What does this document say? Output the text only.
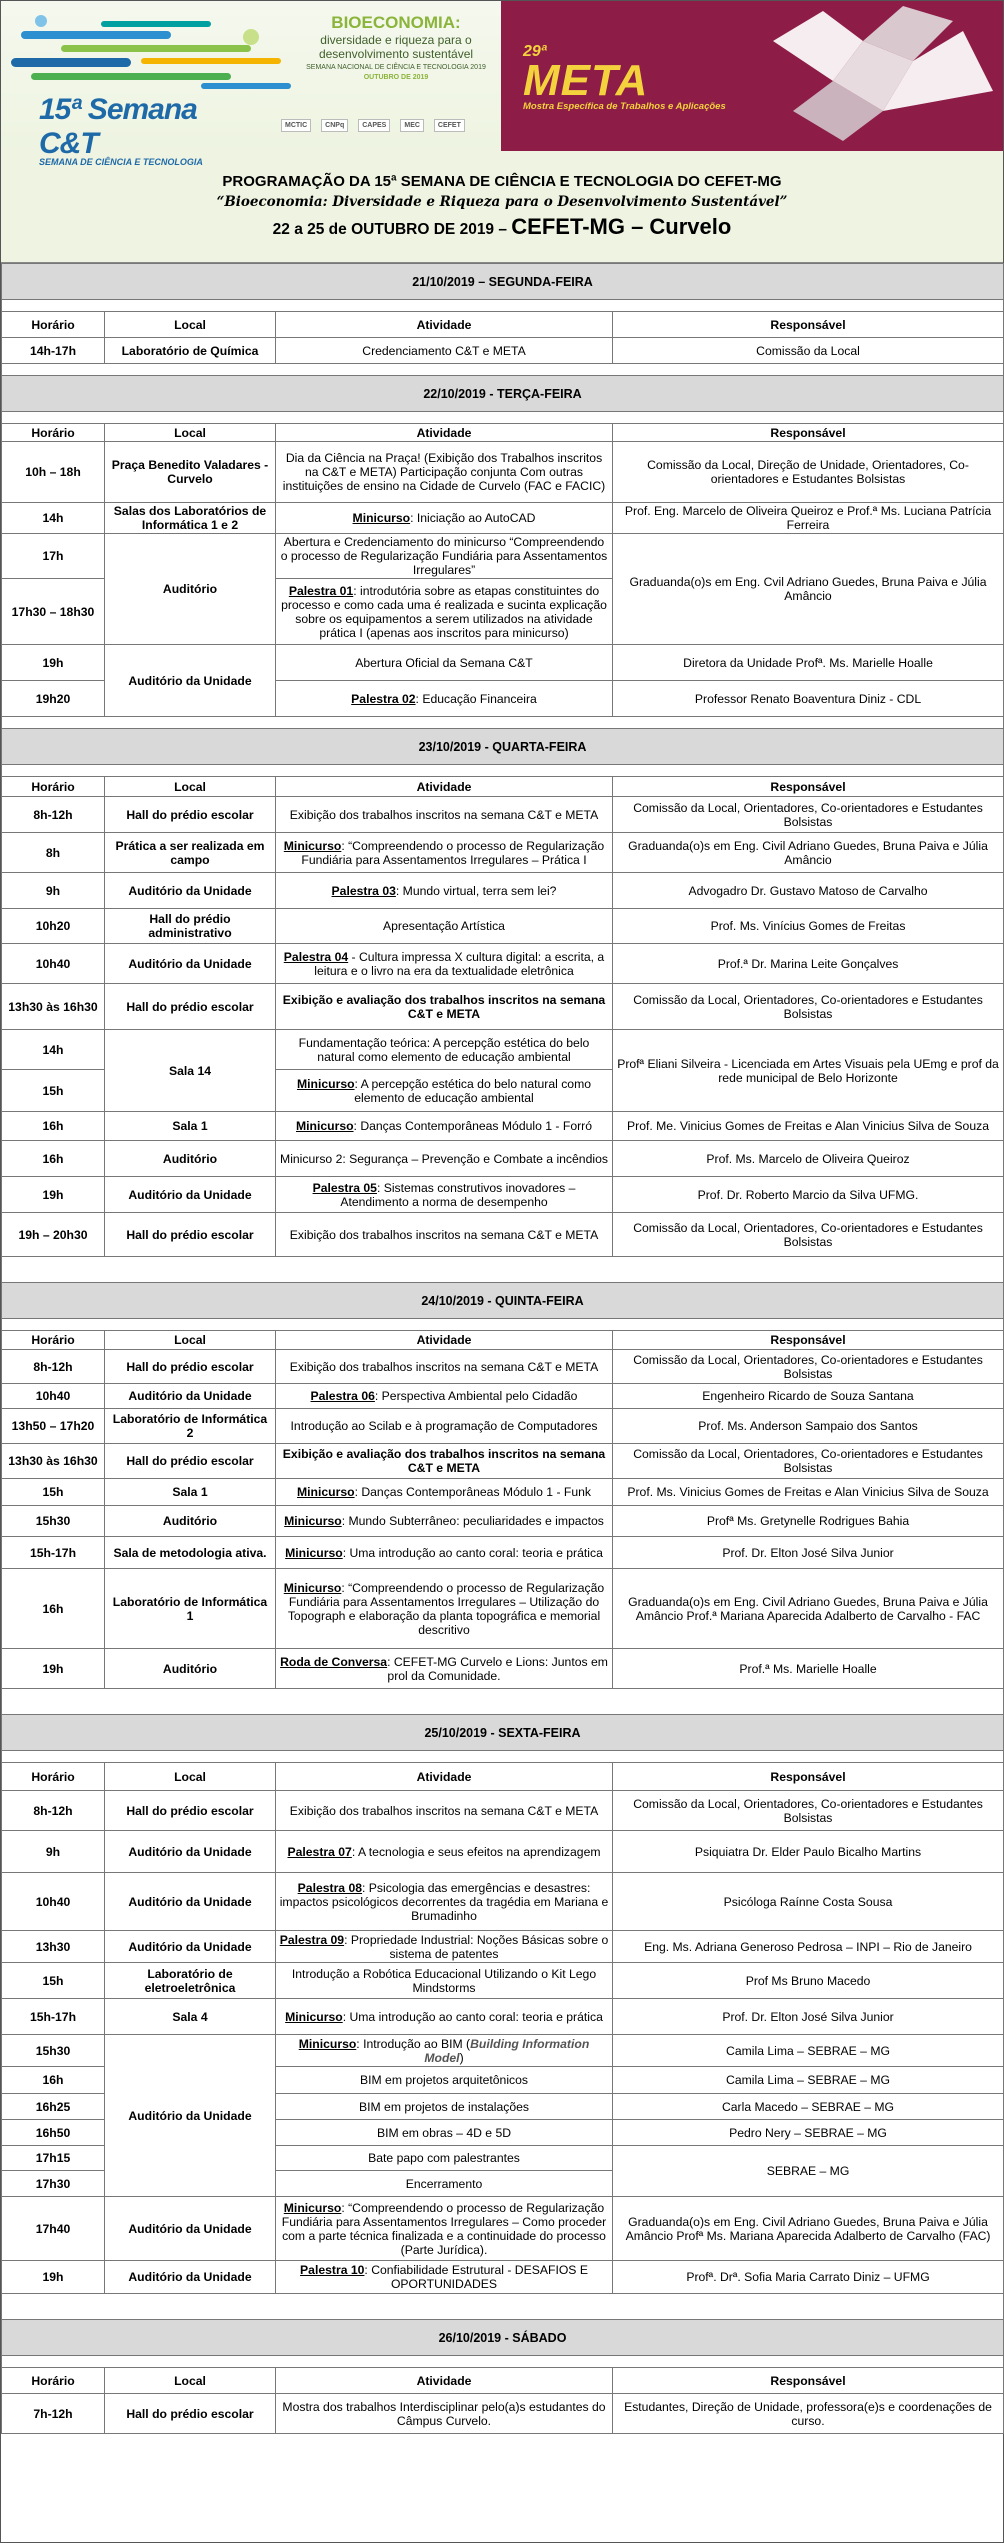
15ª Semana C&T
SEMANA DE CIÊNCIA E TECNOLOGIA
BIOECONOMIA:
diversidade e riqueza para o
desenvolvimento sustentável
SEMANA NACIONAL DE CIÊNCIA E TECNOLOGIA 2019
OUTUBRO DE 2019
MCTIC	CNPq	CAPES	MEC	CEFET
29ª
META
Mostra Específica de Trabalhos e Aplicações
PROGRAMAÇÃO DA 15ª SEMANA DE CIÊNCIA E TECNOLOGIA DO CEFET-MG
“Bioeconomia: Diversidade e Riqueza para o Desenvolvimento Sustentável”
22 a 25 de OUTUBRO DE 2019 – CEFET-MG – Curvelo
21/10/2019 – SEGUNDA-FEIRA			

Horário	Local	Atividade	Responsável
14h-17h	Laboratório de Química	Credenciamento C&T e META	Comissão da Local

22/10/2019 - TERÇA-FEIRA			

Horário	Local	Atividade	Responsável
10h – 18h	Praça Benedito Valadares - Curvelo	Dia da Ciência na Praça! (Exibição dos Trabalhos inscritos na C&T e META) Participação conjunta Com outras instituições de ensino na Cidade de Curvelo (FAC e FACIC)	Comissão da Local, Direção de Unidade, Orientadores, Co-orientadores e Estudantes Bolsistas
14h	Salas dos Laboratórios de Informática 1 e 2	Minicurso: Iniciação ao AutoCAD	Prof. Eng. Marcelo de Oliveira Queiroz e Prof.ª Ms. Luciana Patrícia Ferreira
17h	Auditório	Abertura e Credenciamento do minicurso “Compreendendo o processo de Regularização Fundiária para Assentamentos Irregulares”	Graduanda(o)s em Eng. Cvil Adriano Guedes, Bruna Paiva e Júlia Amâncio
17h30 – 18h30		Palestra 01: introdutória sobre as etapas constituintes do processo e como cada uma é realizada e sucinta explicação sobre os equipamentos a serem utilizados na atividade prática I (apenas aos inscritos para minicurso)	
19h	Auditório da Unidade	Abertura Oficial da Semana C&T	Diretora da Unidade Profª. Ms. Marielle Hoalle
19h20		Palestra 02: Educação Financeira	Professor Renato Boaventura Diniz - CDL

23/10/2019 - QUARTA-FEIRA			

Horário	Local	Atividade	Responsável
8h-12h	Hall do prédio escolar	Exibição dos trabalhos inscritos na semana C&T e META	Comissão da Local, Orientadores, Co-orientadores e Estudantes Bolsistas
8h	Prática a ser realizada em campo	Minicurso: “Compreendendo o processo de Regularização Fundiária para Assentamentos Irregulares – Prática I	Graduanda(o)s em Eng. Civil Adriano Guedes, Bruna Paiva e Júlia Amâncio
9h	Auditório da Unidade	Palestra 03: Mundo virtual, terra sem lei?	Advogadro Dr. Gustavo Matoso de Carvalho
10h20	Hall do prédio administrativo	Apresentação Artística	Prof. Ms. Vinícius Gomes de Freitas
10h40	Auditório da Unidade	Palestra 04 - Cultura impressa X cultura digital: a escrita, a leitura e o livro na era da textualidade eletrônica	Prof.ª Dr. Marina Leite Gonçalves
13h30 às 16h30	Hall do prédio escolar	Exibição e avaliação dos trabalhos inscritos na semana C&T e META	Comissão da Local, Orientadores, Co-orientadores e Estudantes Bolsistas
14h	Sala 14	Fundamentação teórica: A percepção estética do belo natural como elemento de educação ambiental	Profª Eliani Silveira - Licenciada em Artes Visuais pela UEmg e prof da rede municipal de Belo Horizonte
15h		Minicurso: A percepção estética do belo natural como elemento de educação ambiental	
16h	Sala 1	Minicurso: Danças Contemporâneas Módulo 1 - Forró	Prof. Me. Vinicius Gomes de Freitas e Alan Vinicius Silva de Souza
16h	Auditório	Minicurso 2: Segurança – Prevenção e Combate a incêndios	Prof. Ms. Marcelo de Oliveira Queiroz
19h	Auditório da Unidade	Palestra 05: Sistemas construtivos inovadores – Atendimento a norma de desempenho	Prof. Dr. Roberto Marcio da Silva UFMG.
19h – 20h30	Hall do prédio escolar	Exibição dos trabalhos inscritos na semana C&T e META	Comissão da Local, Orientadores, Co-orientadores e Estudantes Bolsistas

24/10/2019 - QUINTA-FEIRA			

Horário	Local	Atividade	Responsável
8h-12h	Hall do prédio escolar	Exibição dos trabalhos inscritos na semana C&T e META	Comissão da Local, Orientadores, Co-orientadores e Estudantes Bolsistas
10h40	Auditório da Unidade	Palestra 06: Perspectiva Ambiental pelo Cidadão	Engenheiro Ricardo de Souza Santana
13h50 – 17h20	Laboratório de Informática 2	Introdução ao Scilab e à programação de Computadores	Prof. Ms. Anderson Sampaio dos Santos
13h30 às 16h30	Hall do prédio escolar	Exibição e avaliação dos trabalhos inscritos na semana C&T e META	Comissão da Local, Orientadores, Co-orientadores e Estudantes Bolsistas
15h	Sala 1	Minicurso: Danças Contemporâneas Módulo 1 - Funk	Prof. Ms. Vinicius Gomes de Freitas e Alan Vinicius Silva de Souza
15h30	Auditório	Minicurso: Mundo Subterrâneo: peculiaridades e impactos	Profª Ms. Gretynelle Rodrigues Bahia
15h-17h	Sala de metodologia ativa.	Minicurso: Uma introdução ao canto coral: teoria e prática	Prof. Dr. Elton José Silva Junior
16h	Laboratório de Informática 1	Minicurso: “Compreendendo o processo de Regularização Fundiária para Assentamentos Irregulares – Utilização do Topograph e elaboração da planta topográfica e memorial descritivo	Graduanda(o)s em Eng. Civil Adriano Guedes, Bruna Paiva e Júlia Amâncio Prof.ª Mariana Aparecida Adalberto de Carvalho - FAC
19h	Auditório	Roda de Conversa: CEFET-MG Curvelo e Lions: Juntos em prol da Comunidade.	Prof.ª Ms. Marielle Hoalle

25/10/2019 - SEXTA-FEIRA			

Horário	Local	Atividade	Responsável
8h-12h	Hall do prédio escolar	Exibição dos trabalhos inscritos na semana C&T e META	Comissão da Local, Orientadores, Co-orientadores e Estudantes Bolsistas
9h	Auditório da Unidade	Palestra 07: A tecnologia e seus efeitos na aprendizagem	Psiquiatra Dr. Elder Paulo Bicalho Martins
10h40	Auditório da Unidade	Palestra 08: Psicologia das emergências e desastres: impactos psicológicos decorrentes da tragédia em Mariana e Brumadinho	Psicóloga Raínne Costa Sousa
13h30	Auditório da Unidade	Palestra 09: Propriedade Industrial: Noções Básicas sobre o sistema de patentes	Eng. Ms. Adriana Generoso Pedrosa – INPI – Rio de Janeiro
15h	Laboratório de eletroeletrônica	Introdução a Robótica Educacional Utilizando o Kit Lego Mindstorms	Prof Ms Bruno Macedo
15h-17h	Sala 4	Minicurso: Uma introdução ao canto coral: teoria e prática	Prof. Dr. Elton José Silva Junior
15h30	Auditório da Unidade	Minicurso: Introdução ao BIM (Building Information Model)	Camila Lima – SEBRAE – MG
16h		BIM em projetos arquitetônicos	Camila Lima – SEBRAE – MG
16h25		BIM em projetos de instalações	Carla Macedo – SEBRAE – MG
16h50		BIM em obras – 4D e 5D	Pedro Nery – SEBRAE – MG
17h15		Bate papo com palestrantes	SEBRAE – MG
17h30		Encerramento	
17h40	Auditório da Unidade	Minicurso: “Compreendendo o processo de Regularização Fundiária para Assentamentos Irregulares – Como proceder com a parte técnica finalizada e a continuidade do processo (Parte Jurídica).	Graduanda(o)s em Eng. Civil Adriano Guedes, Bruna Paiva e Júlia Amâncio Profª Ms. Mariana Aparecida Adalberto de Carvalho (FAC)
19h	Auditório da Unidade	Palestra 10: Confiabilidade Estrutural - DESAFIOS E OPORTUNIDADES	Profª. Drª. Sofia Maria Carrato Diniz – UFMG

26/10/2019 - SÁBADO			

Horário	Local	Atividade	Responsável
7h-12h	Hall do prédio escolar	Mostra dos trabalhos Interdisciplinar pelo(a)s estudantes do Câmpus Curvelo.	Estudantes, Direção de Unidade, professora(e)s e coordenações de curso.
